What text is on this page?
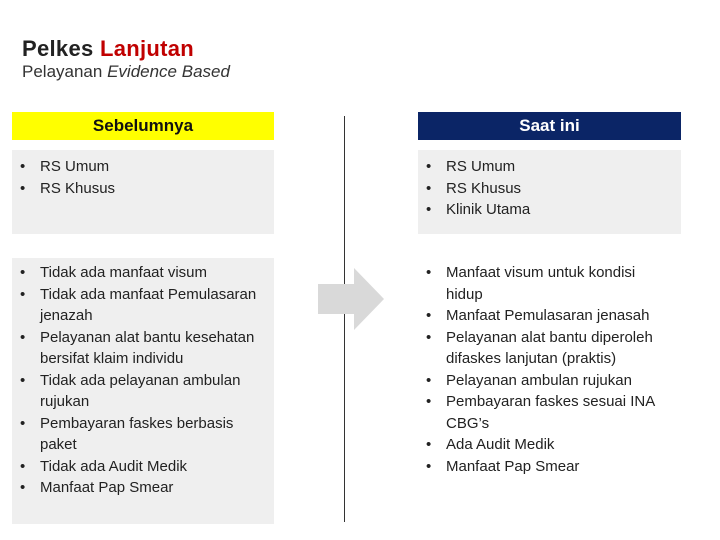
Pelkes Lanjutan
Pelayanan Evidence Based
Sebelumnya	Saat ini
• RS Umum
• RS Khusus
• RS Umum
• RS Khusus
• Klinik Utama
• Tidak ada manfaat visum
• Tidak ada manfaat Pemulasaran jenazah
• Pelayanan alat bantu kesehatan bersifat klaim individu
• Tidak ada pelayanan ambulan rujukan
• Pembayaran faskes berbasis paket
• Tidak ada Audit Medik
• Manfaat Pap Smear
• Manfaat visum untuk kondisi hidup
• Manfaat Pemulasaran jenasah
• Pelayanan alat bantu diperoleh difaskes lanjutan (praktis)
• Pelayanan ambulan rujukan
• Pembayaran faskes sesuai INA CBG’s
• Ada Audit Medik
• Manfaat Pap Smear
